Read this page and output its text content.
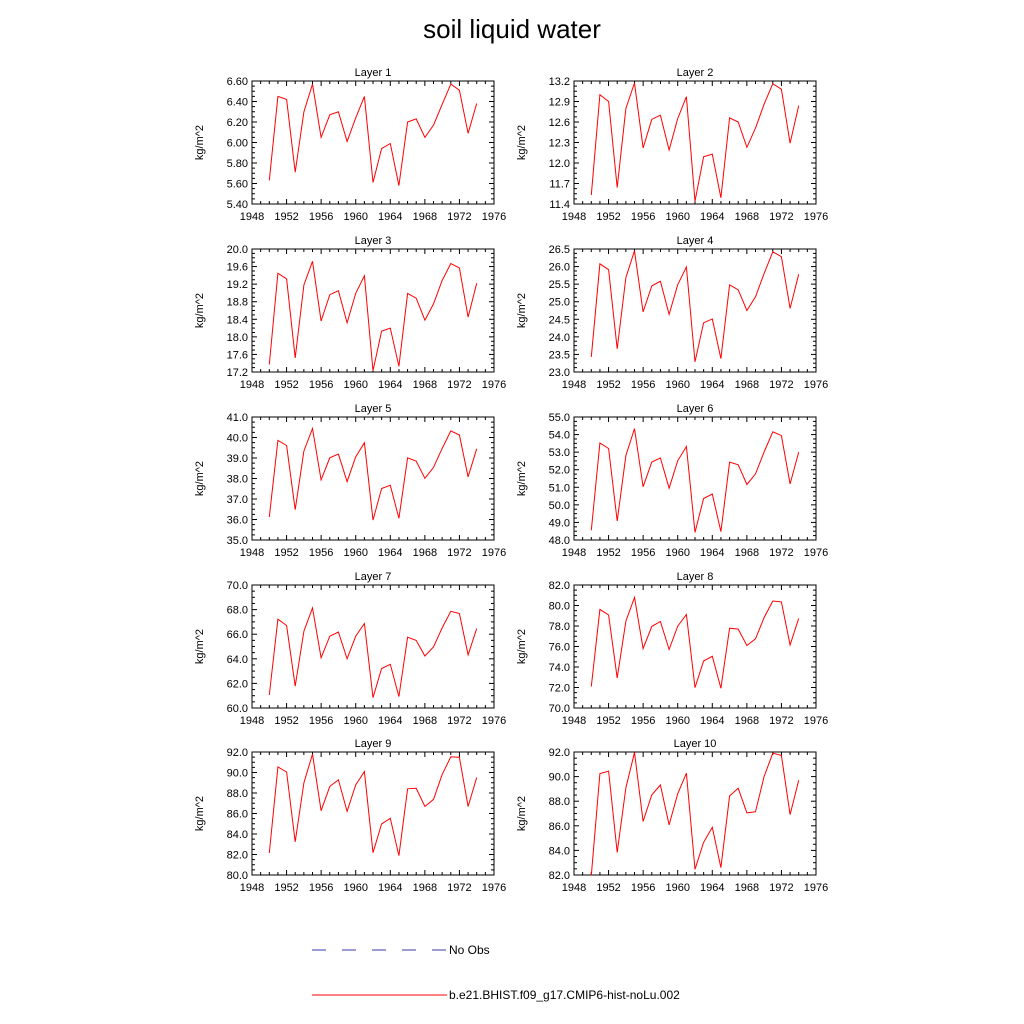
soil liquid water
Layer 1
1948 1952 1956 1960 1964 1968 1972 1976
5.40
5.60
5.80
6.00
6.20
6.40
6.60
kg/m^2
Layer 2
1948 1952 1956 1960 1964 1968 1972 1976
11.4
11.7
12.0
12.3
12.6
12.9
13.2
kg/m^2
Layer 3
1948 1952 1956 1960 1964 1968 1972 1976
17.2
17.6
18.0
18.4
18.8
19.2
19.6
20.0
kg/m^2
Layer 4
1948 1952 1956 1960 1964 1968 1972 1976
23.0
23.5
24.0
24.5
25.0
25.5
26.0
26.5
kg/m^2
Layer 5
1948 1952 1956 1960 1964 1968 1972 1976
35.0
36.0
37.0
38.0
39.0
40.0
41.0
kg/m^2
Layer 6
1948 1952 1956 1960 1964 1968 1972 1976
48.0
49.0
50.0
51.0
52.0
53.0
54.0
55.0
kg/m^2
Layer 7
1948 1952 1956 1960 1964 1968 1972 1976
60.0
62.0
64.0
66.0
68.0
70.0
kg/m^2
Layer 8
1948 1952 1956 1960 1964 1968 1972 1976
70.0
72.0
74.0
76.0
78.0
80.0
82.0
kg/m^2
Layer 9
1948 1952 1956 1960 1964 1968 1972 1976
80.0
82.0
84.0
86.0
88.0
90.0
92.0
kg/m^2
Layer 10
1948 1952 1956 1960 1964 1968 1972 1976
82.0
84.0
86.0
88.0
90.0
92.0
kg/m^2
No Obs
b.e21.BHIST.f09_g17.CMIP6-hist-noLu.002
